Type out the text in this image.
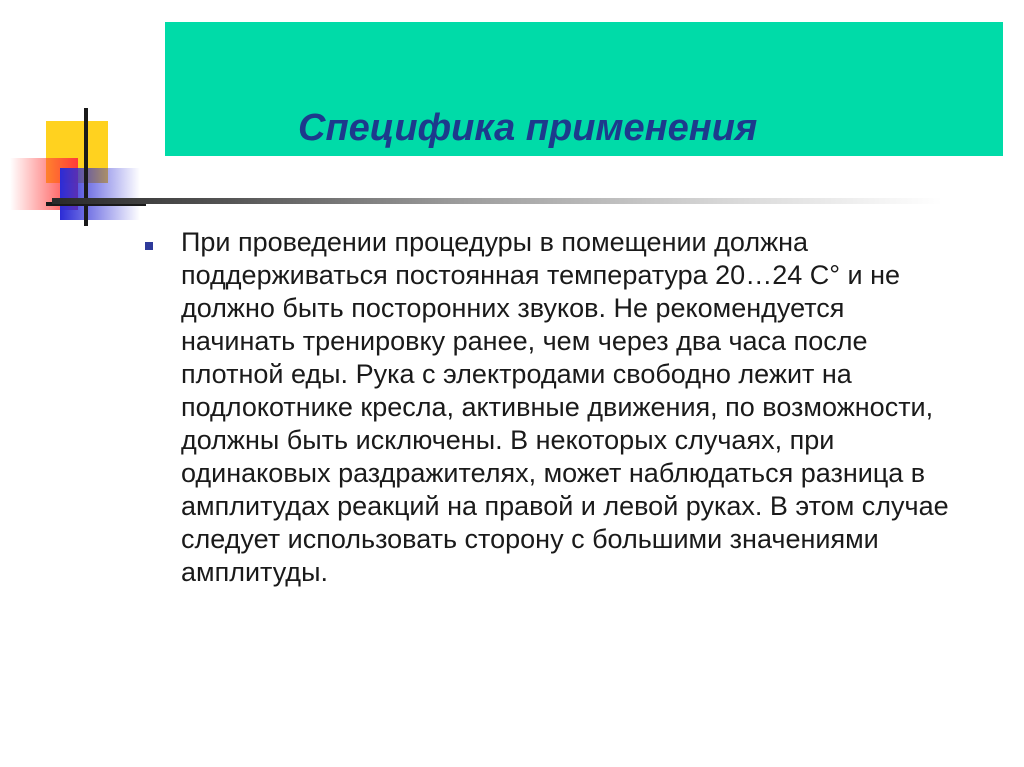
Специфика применения

При проведении процедуры в помещении должна поддерживаться постоянная температура 20…24 С° и не должно быть посторонних звуков. Не рекомендуется начинать тренировку ранее, чем через два часа после плотной еды. Рука с электродами свободно лежит на подлокотнике кресла, активные движения, по возможности, должны быть исключены. В некоторых случаях, при одинаковых раздражителях, может наблюдаться разница в амплитудах реакций на правой и левой руках. В этом случае следует использовать сторону с большими значениями амплитуды.
